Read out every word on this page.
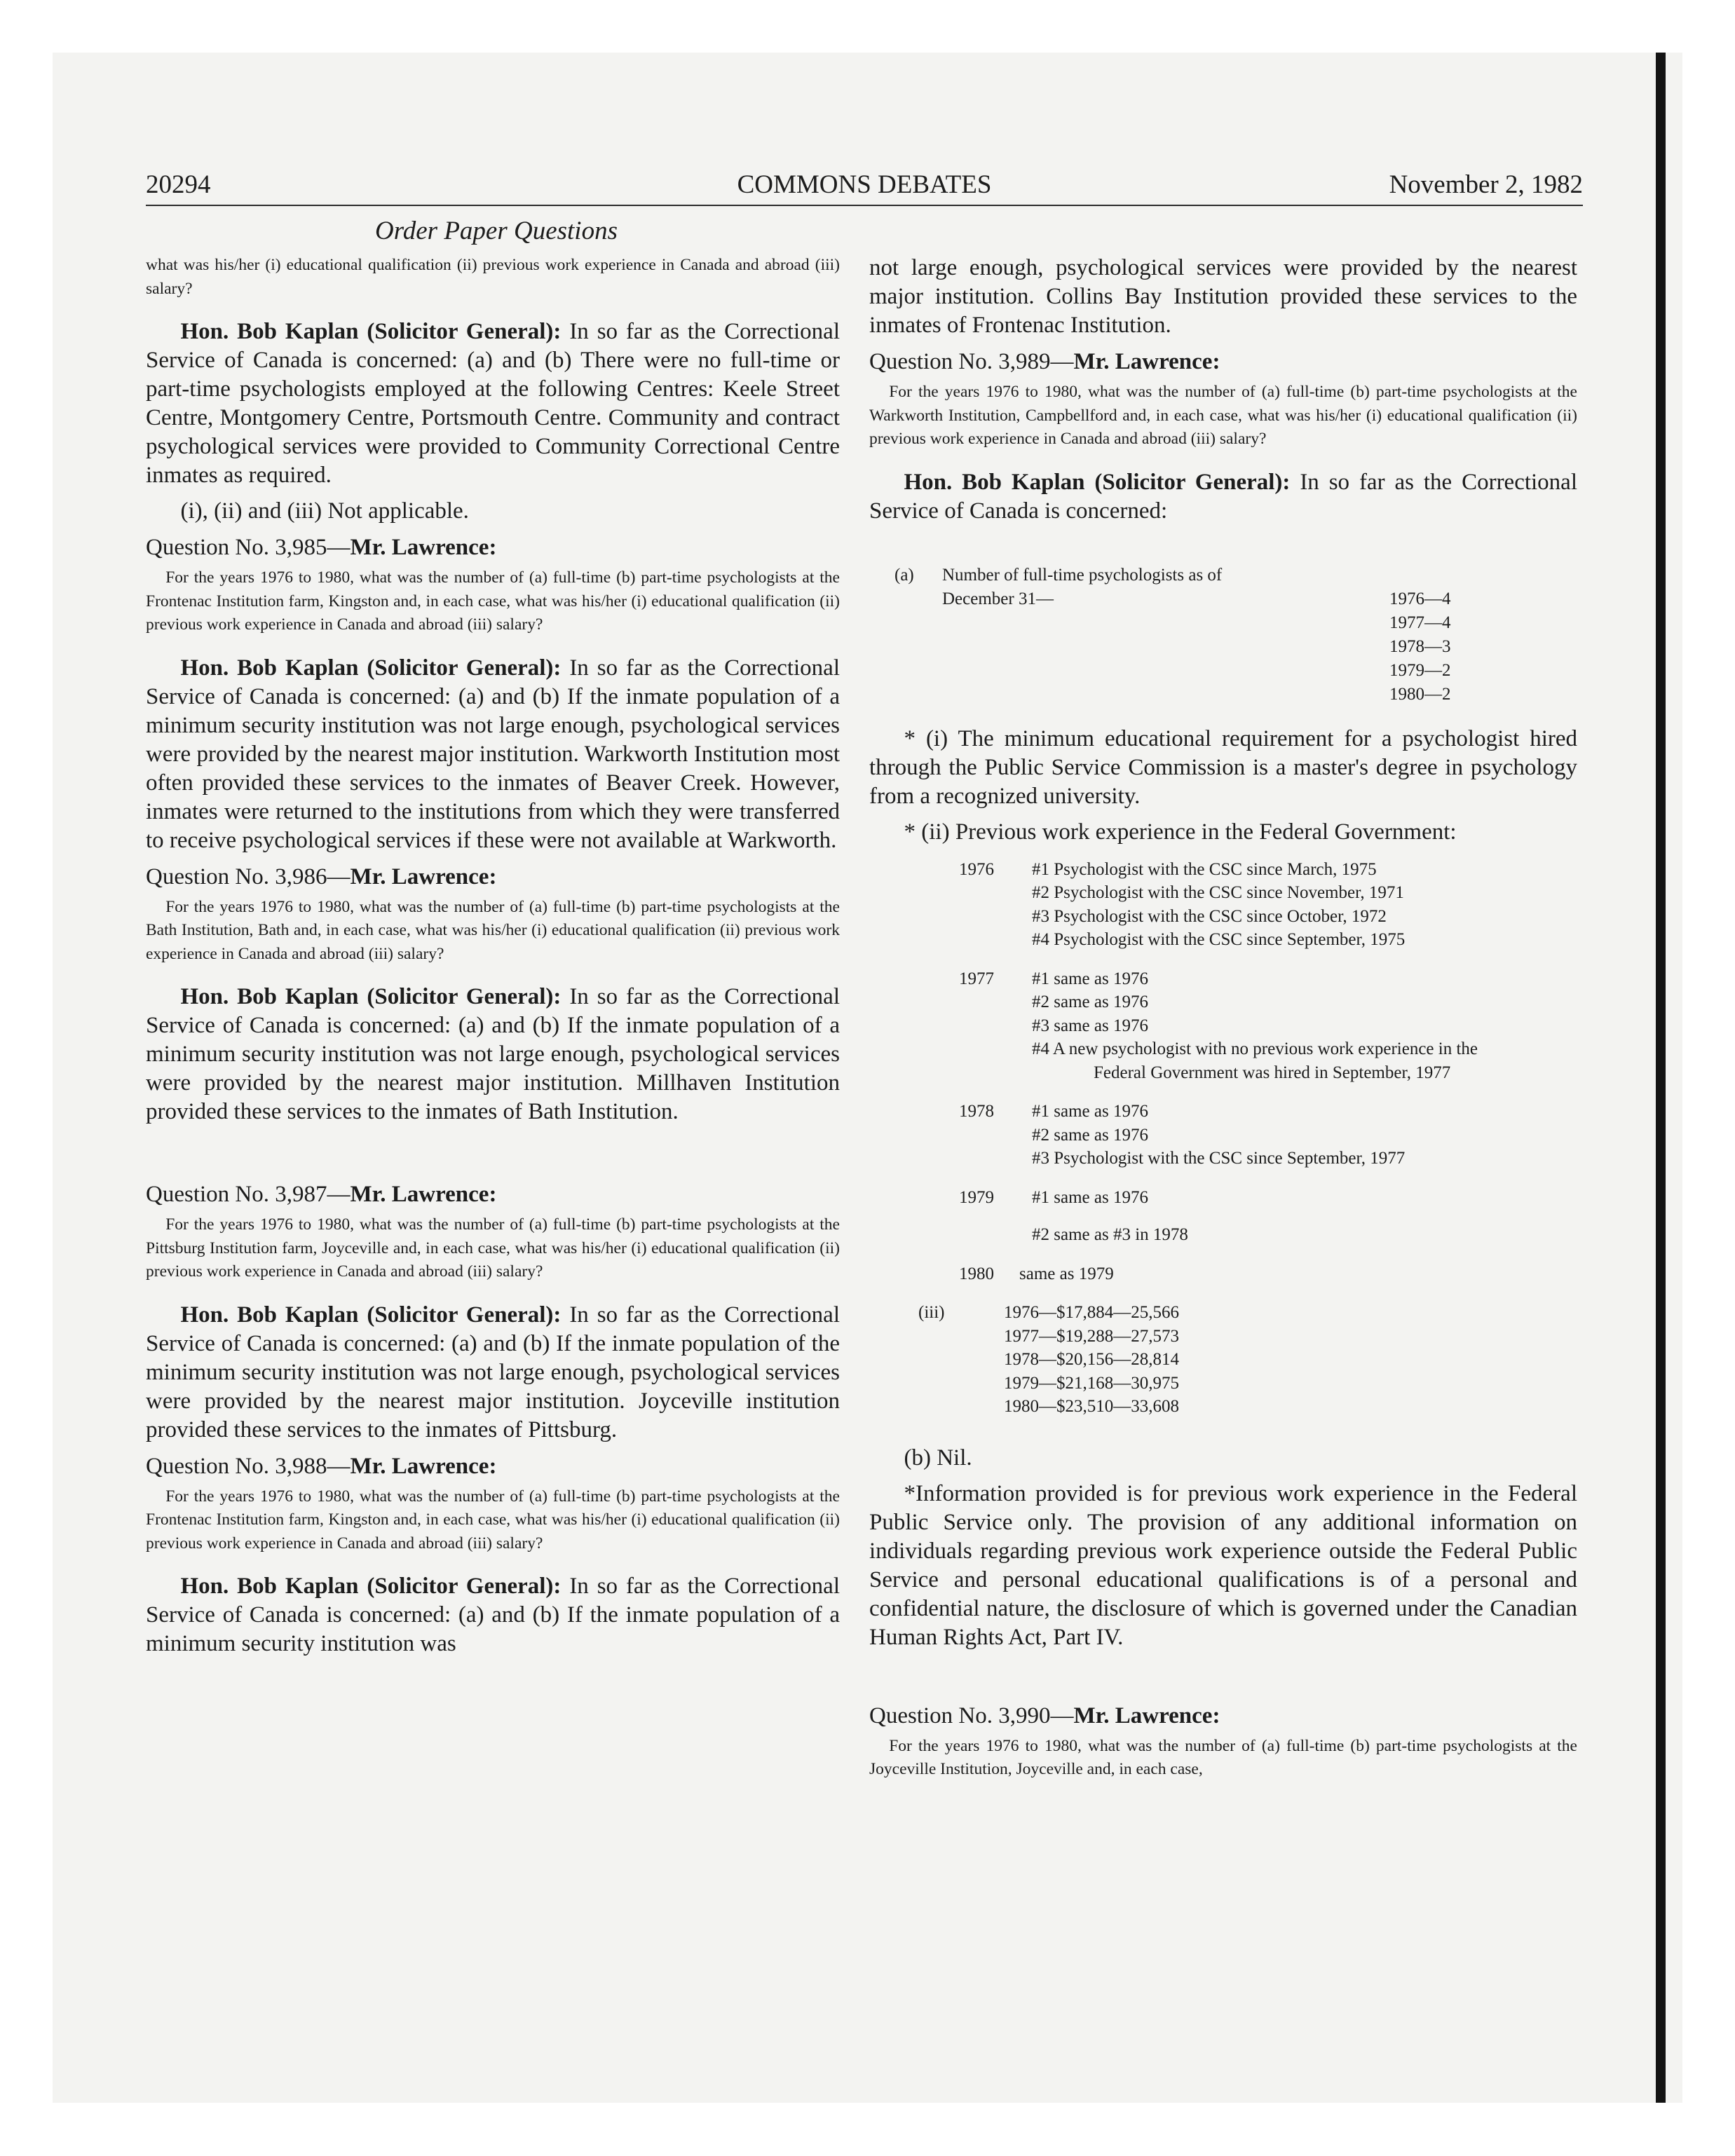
20294	COMMONS DEBATES	November 2, 1982
Order Paper Questions

what was his/her (i) educational qualification (ii) previous work experience in Canada and abroad (iii) salary?

Hon. Bob Kaplan (Solicitor General): In so far as the Correctional Service of Canada is concerned: (a) and (b) There were no full-time or part-time psychologists employed at the following Centres: Keele Street Centre, Montgomery Centre, Portsmouth Centre. Community and contract psychological services were provided to Community Correctional Centre inmates as required.

(i), (ii) and (iii) Not applicable.

Question No. 3,985—Mr. Lawrence:

For the years 1976 to 1980, what was the number of (a) full-time (b) part-time psychologists at the Frontenac Institution farm, Kingston and, in each case, what was his/her (i) educational qualification (ii) previous work experience in Canada and abroad (iii) salary?

Hon. Bob Kaplan (Solicitor General): In so far as the Correctional Service of Canada is concerned: (a) and (b) If the inmate population of a minimum security institution was not large enough, psychological services were provided by the nearest major institution. Warkworth Institution most often provided these services to the inmates of Beaver Creek. However, inmates were returned to the institutions from which they were transferred to receive psychological services if these were not available at Warkworth.

Question No. 3,986—Mr. Lawrence:

For the years 1976 to 1980, what was the number of (a) full-time (b) part-time psychologists at the Bath Institution, Bath and, in each case, what was his/her (i) educational qualification (ii) previous work experience in Canada and abroad (iii) salary?

Hon. Bob Kaplan (Solicitor General): In so far as the Correctional Service of Canada is concerned: (a) and (b) If the inmate population of a minimum security institution was not large enough, psychological services were provided by the nearest major institution. Millhaven Institution provided these services to the inmates of Bath Institution.

Question No. 3,987—Mr. Lawrence:

For the years 1976 to 1980, what was the number of (a) full-time (b) part-time psychologists at the Pittsburg Institution farm, Joyceville and, in each case, what was his/her (i) educational qualification (ii) previous work experience in Canada and abroad (iii) salary?

Hon. Bob Kaplan (Solicitor General): In so far as the Correctional Service of Canada is concerned: (a) and (b) If the inmate population of the minimum security institution was not large enough, psychological services were provided by the nearest major institution. Joyceville institution provided these services to the inmates of Pittsburg.

Question No. 3,988—Mr. Lawrence:

For the years 1976 to 1980, what was the number of (a) full-time (b) part-time psychologists at the Frontenac Institution farm, Kingston and, in each case, what was his/her (i) educational qualification (ii) previous work experience in Canada and abroad (iii) salary?

Hon. Bob Kaplan (Solicitor General): In so far as the Correctional Service of Canada is concerned: (a) and (b) If the inmate population of a minimum security institution was

not large enough, psychological services were provided by the nearest major institution. Collins Bay Institution provided these services to the inmates of Frontenac Institution.

Question No. 3,989—Mr. Lawrence:

For the years 1976 to 1980, what was the number of (a) full-time (b) part-time psychologists at the Warkworth Institution, Campbellford and, in each case, what was his/her (i) educational qualification (ii) previous work experience in Canada and abroad (iii) salary?

Hon. Bob Kaplan (Solicitor General): In so far as the Correctional Service of Canada is concerned:

(a) Number of full-time psychologists as of
December 31—	1976—4
1977—4
1978—3
1979—2
1980—2

* (i) The minimum educational requirement for a psychologist hired through the Public Service Commission is a master's degree in psychology from a recognized university.

* (ii) Previous work experience in the Federal Government:

1976 #1 Psychologist with the CSC since March, 1975
#2 Psychologist with the CSC since November, 1971
#3 Psychologist with the CSC since October, 1972
#4 Psychologist with the CSC since September, 1975
1977 #1 same as 1976
#2 same as 1976
#3 same as 1976
#4 A new psychologist with no previous work experience in the
Federal Government was hired in September, 1977
1978 #1 same as 1976
#2 same as 1976
#3 Psychologist with the CSC since September, 1977
1979 #1 same as 1976
#2 same as #3 in 1978
1980 same as 1979
(iii)	1976—$17,884—25,566
1977—$19,288—27,573
1978—$20,156—28,814
1979—$21,168—30,975
1980—$23,510—33,608

(b) Nil.

*Information provided is for previous work experience in the Federal Public Service only. The provision of any additional information on individuals regarding previous work experience outside the Federal Public Service and personal educational qualifications is of a personal and confidential nature, the disclosure of which is governed under the Canadian Human Rights Act, Part IV.

Question No. 3,990—Mr. Lawrence:

For the years 1976 to 1980, what was the number of (a) full-time (b) part-time psychologists at the Joyceville Institution, Joyceville and, in each case,
